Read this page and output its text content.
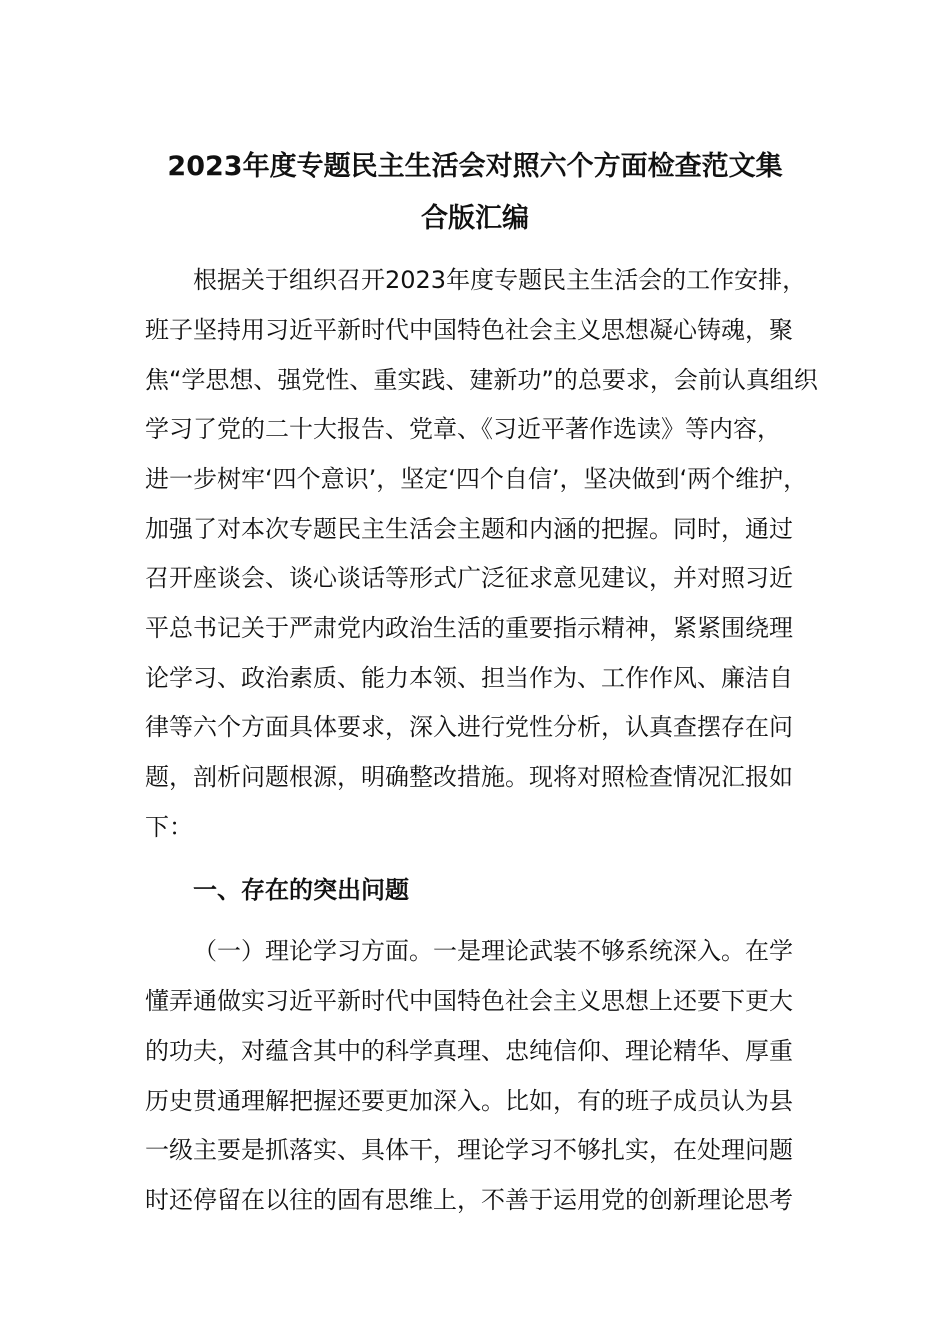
2023年度专题民主生活会对照六个方面检查范文集
合版汇编
根据关于组织召开2023年度专题民主生活会的工作安排，
班子坚持用习近平新时代中国特色社会主义思想凝心铸魂，聚
焦“学思想、强党性、重实践、建新功”的总要求，会前认真组织
学习了党的二十大报告、党章、《习近平著作选读》等内容，
进一步树牢‘四个意识’，坚定‘四个自信’，坚决做到‘两个维护，
加强了对本次专题民主生活会主题和内涵的把握。同时，通过
召开座谈会、谈心谈话等形式广泛征求意见建议，并对照习近
平总书记关于严肃党内政治生活的重要指示精神，紧紧围绕理
论学习、政治素质、能力本领、担当作为、工作作风、廉洁自
律等六个方面具体要求，深入进行党性分析，认真查摆存在问
题，剖析问题根源，明确整改措施。现将对照检查情况汇报如
下：
一、存在的突出问题
（一）理论学习方面。一是理论武装不够系统深入。在学
懂弄通做实习近平新时代中国特色社会主义思想上还要下更大
的功夫，对蕴含其中的科学真理、忠纯信仰、理论精华、厚重
历史贯通理解把握还要更加深入。比如，有的班子成员认为县
一级主要是抓落实、具体干，理论学习不够扎实，在处理问题
时还停留在以往的固有思维上，不善于运用党的创新理论思考
